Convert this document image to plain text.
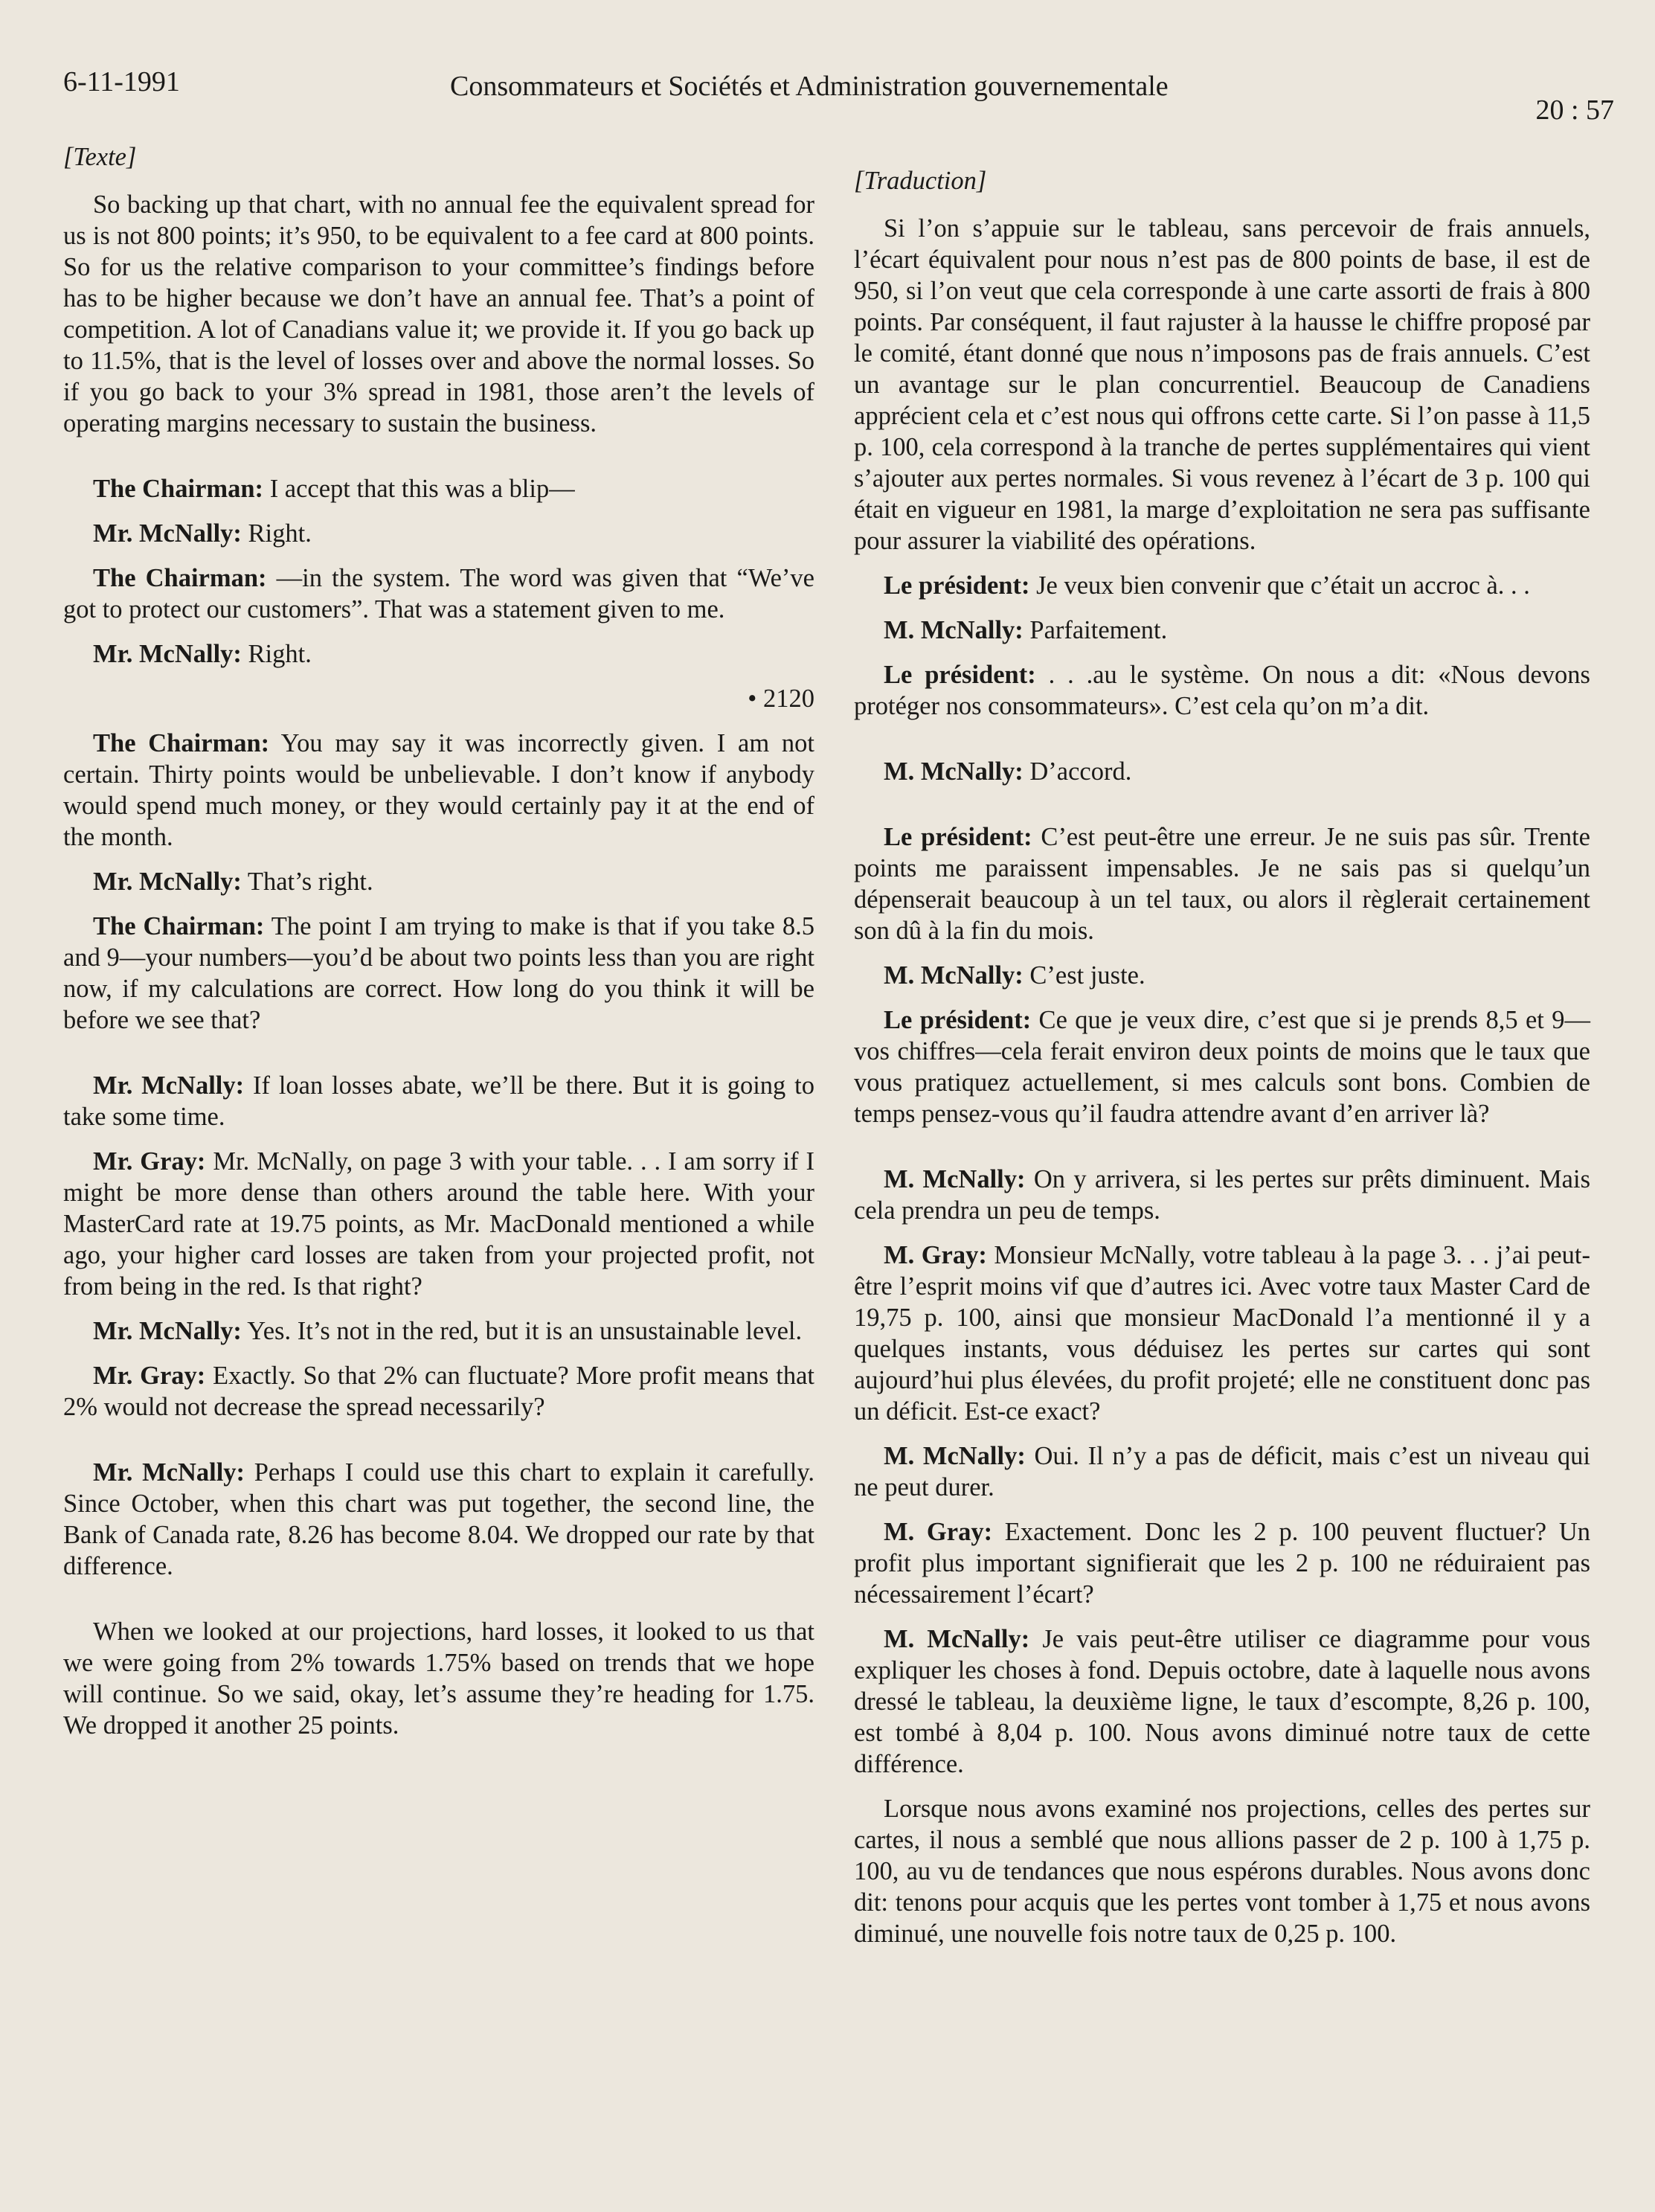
6-11-1991	Consommateurs et Sociétés et Administration gouvernementale
20 : 57
[Texte]

So backing up that chart, with no annual fee the equivalent spread for us is not 800 points; it’s 950, to be equivalent to a fee card at 800 points. So for us the relative comparison to your committee’s findings before has to be higher because we don’t have an annual fee. That’s a point of competition. A lot of Canadians value it; we provide it. If you go back up to 11.5%, that is the level of losses over and above the normal losses. So if you go back to your 3% spread in 1981, those aren’t the levels of operating margins necessary to sustain the business.

The Chairman: I accept that this was a blip—

Mr. McNally: Right.

The Chairman: —in the system. The word was given that “We’ve got to protect our customers”. That was a statement given to me.

Mr. McNally: Right.

• 2120

The Chairman: You may say it was incorrectly given. I am not certain. Thirty points would be unbelievable. I don’t know if anybody would spend much money, or they would certainly pay it at the end of the month.

Mr. McNally: That’s right.

The Chairman: The point I am trying to make is that if you take 8.5 and 9—your numbers—you’d be about two points less than you are right now, if my calculations are correct. How long do you think it will be before we see that?

Mr. McNally: If loan losses abate, we’ll be there. But it is going to take some time.

Mr. Gray: Mr. McNally, on page 3 with your table. . . I am sorry if I might be more dense than others around the table here. With your MasterCard rate at 19.75 points, as Mr. MacDonald mentioned a while ago, your higher card losses are taken from your projected profit, not from being in the red. Is that right?

Mr. McNally: Yes. It’s not in the red, but it is an unsustainable level.

Mr. Gray: Exactly. So that 2% can fluctuate? More profit means that 2% would not decrease the spread necessarily?

Mr. McNally: Perhaps I could use this chart to explain it carefully. Since October, when this chart was put together, the second line, the Bank of Canada rate, 8.26 has become 8.04. We dropped our rate by that difference.

When we looked at our projections, hard losses, it looked to us that we were going from 2% towards 1.75% based on trends that we hope will continue. So we said, okay, let’s assume they’re heading for 1.75. We dropped it another 25 points.

[Traduction]

Si l’on s’appuie sur le tableau, sans percevoir de frais annuels, l’écart équivalent pour nous n’est pas de 800 points de base, il est de 950, si l’on veut que cela corresponde à une carte assorti de frais à 800 points. Par conséquent, il faut rajuster à la hausse le chiffre proposé par le comité, étant donné que nous n’imposons pas de frais annuels. C’est un avantage sur le plan concurrentiel. Beaucoup de Canadiens apprécient cela et c’est nous qui offrons cette carte. Si l’on passe à 11,5 p. 100, cela correspond à la tranche de pertes supplémentaires qui vient s’ajouter aux pertes normales. Si vous revenez à l’écart de 3 p. 100 qui était en vigueur en 1981, la marge d’exploitation ne sera pas suffisante pour assurer la viabilité des opérations.

Le président: Je veux bien convenir que c’était un accroc à. . .

M. McNally: Parfaitement.

Le président: . . .au le système. On nous a dit: «Nous devons protéger nos consommateurs». C’est cela qu’on m’a dit.

M. McNally: D’accord.

Le président: C’est peut-être une erreur. Je ne suis pas sûr. Trente points me paraissent impensables. Je ne sais pas si quelqu’un dépenserait beaucoup à un tel taux, ou alors il règlerait certainement son dû à la fin du mois.

M. McNally: C’est juste.

Le président: Ce que je veux dire, c’est que si je prends 8,5 et 9—vos chiffres—cela ferait environ deux points de moins que le taux que vous pratiquez actuellement, si mes calculs sont bons. Combien de temps pensez-vous qu’il faudra attendre avant d’en arriver là?

M. McNally: On y arrivera, si les pertes sur prêts diminuent. Mais cela prendra un peu de temps.

M. Gray: Monsieur McNally, votre tableau à la page 3. . . j’ai peut-être l’esprit moins vif que d’autres ici. Avec votre taux Master Card de 19,75 p. 100, ainsi que monsieur MacDonald l’a mentionné il y a quelques instants, vous déduisez les pertes sur cartes qui sont aujourd’hui plus élevées, du profit projeté; elle ne constituent donc pas un déficit. Est-ce exact?

M. McNally: Oui. Il n’y a pas de déficit, mais c’est un niveau qui ne peut durer.

M. Gray: Exactement. Donc les 2 p. 100 peuvent fluctuer? Un profit plus important signifierait que les 2 p. 100 ne réduiraient pas nécessairement l’écart?

M. McNally: Je vais peut-être utiliser ce diagramme pour vous expliquer les choses à fond. Depuis octobre, date à laquelle nous avons dressé le tableau, la deuxième ligne, le taux d’escompte, 8,26 p. 100, est tombé à 8,04 p. 100. Nous avons diminué notre taux de cette différence.

Lorsque nous avons examiné nos projections, celles des pertes sur cartes, il nous a semblé que nous allions passer de 2 p. 100 à 1,75 p. 100, au vu de tendances que nous espérons durables. Nous avons donc dit: tenons pour acquis que les pertes vont tomber à 1,75 et nous avons diminué, une nouvelle fois notre taux de 0,25 p. 100.
